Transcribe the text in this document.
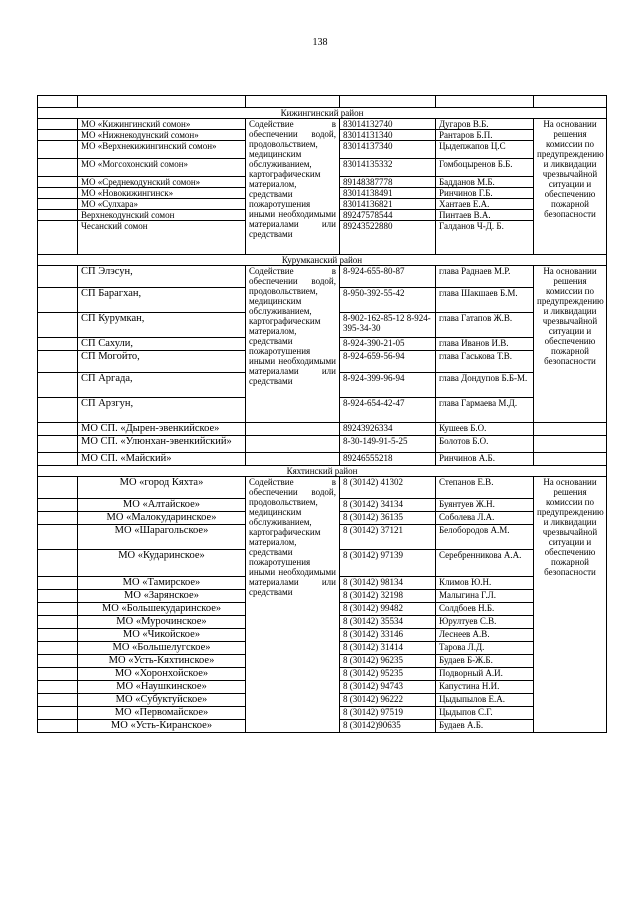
138

Кижингинский район					
	МО «Кижингинский сомон»	Содействие в обеспечении водой, продовольствием, медицинским обслуживанием, картографическим материалом, средствами пожаротушения иными необходимыми материалами или средствами	83014132740	Дугаров В.Б.	На основании решения комиссии по предупреждению и ликвидации чрезвычайной ситуации и обеспечению пожарной безопасности
	МО «Нижнекодунский сомон»		83014131340	Рантаров Б.П.	
	МО «Верхнекижингинский сомон»		83014137340	Цыдепжапов Ц.С	
	МО «Могсохонский сомон»		83014135332	Гомбоцыренов Б.Б.	
	МО «Среднекодунский сомон»		89148387778	Бадданов М.Б.	
	МО «Новокижингинск»		83014138491	Ринчинов Г.Б.	
	МО «Сулхара»		83014136821	Хантаев Е.А.	
	Верхнекодунский сомон		89247578544	Пинтаев В.А.	
	Чесанский сомон		89243522880	Галданов Ч-Д. Б.	
Курумканский район					
	СП Элэсун,	Содействие в обеспечении водой, продовольствием, медицинским обслуживанием, картографическим материалом, средствами пожаротушения иными необходимыми материалами или средствами	8-924-655-80-87	глава Раднаев М.Р.	На основании решения комиссии по предупреждению и ликвидации чрезвычайной ситуации и обеспечению пожарной безопасности
	СП Барагхан,		8-950-392-55-42	глава Шакшаев Б.М.	
	СП Курумкан,		8-902-162-85-12 8-924-395-34-30	глава Гатапов Ж.В.	
	СП Сахули,		8-924-390-21-05	глава Иванов И.В.	
	СП Могойто,		8-924-659-56-94	глава Гаськова Т.В.	
	СП Аргада,		8-924-399-96-94	глава Дондупов Б.Б-М.	
	СП Арзгун,		8-924-654-42-47	глава Гармаева М.Д.	
	МО СП. «Дырен-эвенкийское»		89243926334	Кушеев Б.О.	
	МО СП. «Улюнхан-эвенкийский»		8-30-149-91-5-25	Болотов Б.О.	
	МО СП. «Майский»		89246555218	Ринчинов А.Б.	
Кяхтинский район					
	МО «город Кяхта»	Содействие в обеспечении водой, продовольствием, медицинским обслуживанием, картографическим материалом, средствами пожаротушения иными необходимыми материалами или средствами	8 (30142) 41302	Степанов Е.В.	На основании решения комиссии по предупреждению и ликвидации чрезвычайной ситуации и обеспечению пожарной безопасности
	МО «Алтайское»		8 (30142) 34134	Буянтуев Ж.Н.	
	МО «Малокударинское»		8 (30142) 36135	Соболева Л.А.	
	МО «Шарагольское»		8 (30142) 37121	Белобородов А.М.	
	МО «Кударинское»		8 (30142) 97139	Серебренникова А.А.	
	МО «Тамирское»		8 (30142) 98134	Климов Ю.Н.	
	МО «Зарянское»		8 (30142) 32198	Малыгина Г.Л.	
	МО «Большекударинское»		8 (30142) 99482	Солдбоев Н.Б.	
	МО «Мурочинское»		8 (30142) 35534	Юрултуев С.В.	
	МО «Чикойское»		8 (30142) 33146	Леснеев А.В.	
	МО «Большелугское»		8 (30142) 31414	Тарова Л.Д.	
	МО «Усть-Кяхтинское»		8 (30142) 96235	Будаев Б-Ж.Б.	
	МО «Хоронхойское»		8 (30142) 95235	Подворный А.И.	
	МО «Наушкинское»		8 (30142) 94743	Капустина Н.И.	
	МО «Субуктуйское»		8 (30142) 96222	Цыдыпылов Е.А.	
	МО «Первомайское»		8 (30142) 97519	Цыдыпов С.Г.	
	МО «Усть-Киранское»		8 (30142)90635	Будаев А.Б.	
